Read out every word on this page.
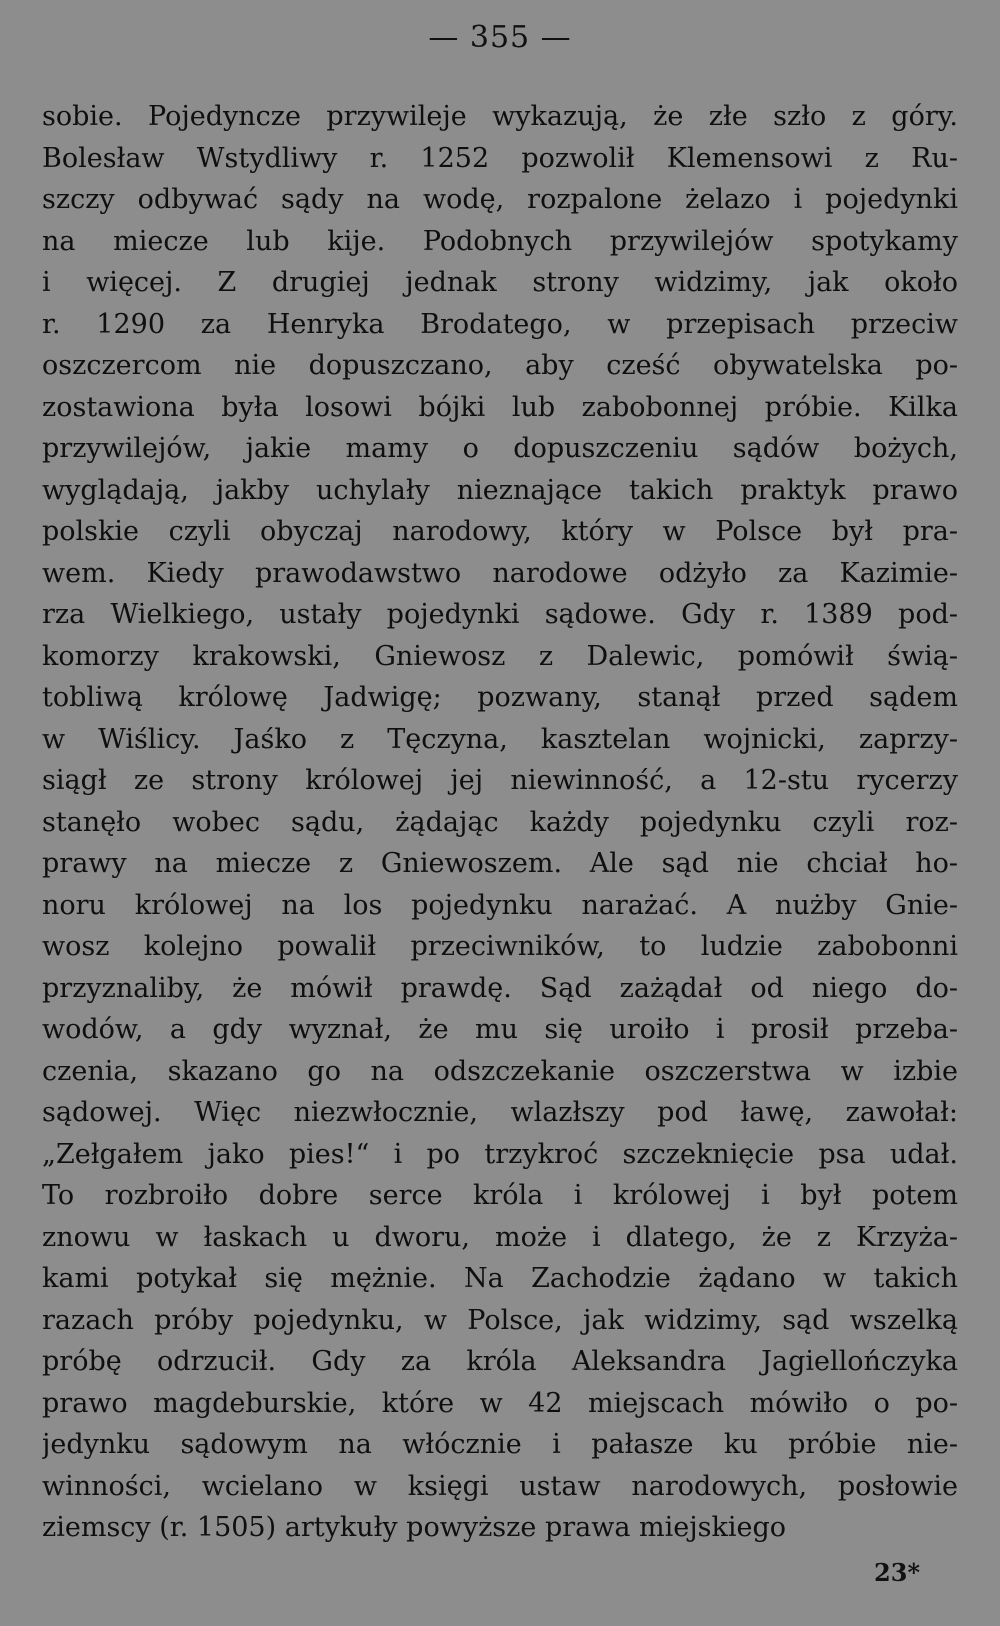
— 355 —
sobie. Pojedyncze przywileje wykazują, że złe szło z góry.
Bolesław Wstydliwy r. 1252 pozwolił Klemensowi z Ru-
szczy odbywać sądy na wodę, rozpalone żelazo i pojedynki
na miecze lub kije. Podobnych przywilejów spotykamy
i więcej. Z drugiej jednak strony widzimy, jak około
r. 1290 za Henryka Brodatego, w przepisach przeciw
oszczercom nie dopuszczano, aby cześć obywatelska po-
zostawiona była losowi bójki lub zabobonnej próbie. Kilka
przywilejów, jakie mamy o dopuszczeniu sądów bożych,
wyglądają, jakby uchylały nieznające takich praktyk prawo
polskie czyli obyczaj narodowy, który w Polsce był pra-
wem. Kiedy prawodawstwo narodowe odżyło za Kazimie-
rza Wielkiego, ustały pojedynki sądowe. Gdy r. 1389 pod-
komorzy krakowski, Gniewosz z Dalewic, pomówił świą-
tobliwą królowę Jadwigę; pozwany, stanął przed sądem
w Wiślicy. Jaśko z Tęczyna, kasztelan wojnicki, zaprzy-
siągł ze strony królowej jej niewinność, a 12-stu rycerzy
stanęło wobec sądu, żądając każdy pojedynku czyli roz-
prawy na miecze z Gniewoszem. Ale sąd nie chciał ho-
noru królowej na los pojedynku narażać. A nużby Gnie-
wosz kolejno powalił przeciwników, to ludzie zabobonni
przyznaliby, że mówił prawdę. Sąd zażądał od niego do-
wodów, a gdy wyznał, że mu się uroiło i prosił przeba-
czenia, skazano go na odszczekanie oszczerstwa w izbie
sądowej. Więc niezwłocznie, wlazłszy pod ławę, zawołał:
„Zełgałem jako pies!“ i po trzykroć szczeknięcie psa udał.
To rozbroiło dobre serce króla i królowej i był potem
znowu w łaskach u dworu, może i dlatego, że z Krzyża-
kami potykał się mężnie. Na Zachodzie żądano w takich
razach próby pojedynku, w Polsce, jak widzimy, sąd wszelką
próbę odrzucił. Gdy za króla Aleksandra Jagiellończyka
prawo magdeburskie, które w 42 miejscach mówiło o po-
jedynku sądowym na włócznie i pałasze ku próbie nie-
winności, wcielano w księgi ustaw narodowych, posłowie
ziemscy (r. 1505) artykuły powyższe prawa miejskiego
23*
